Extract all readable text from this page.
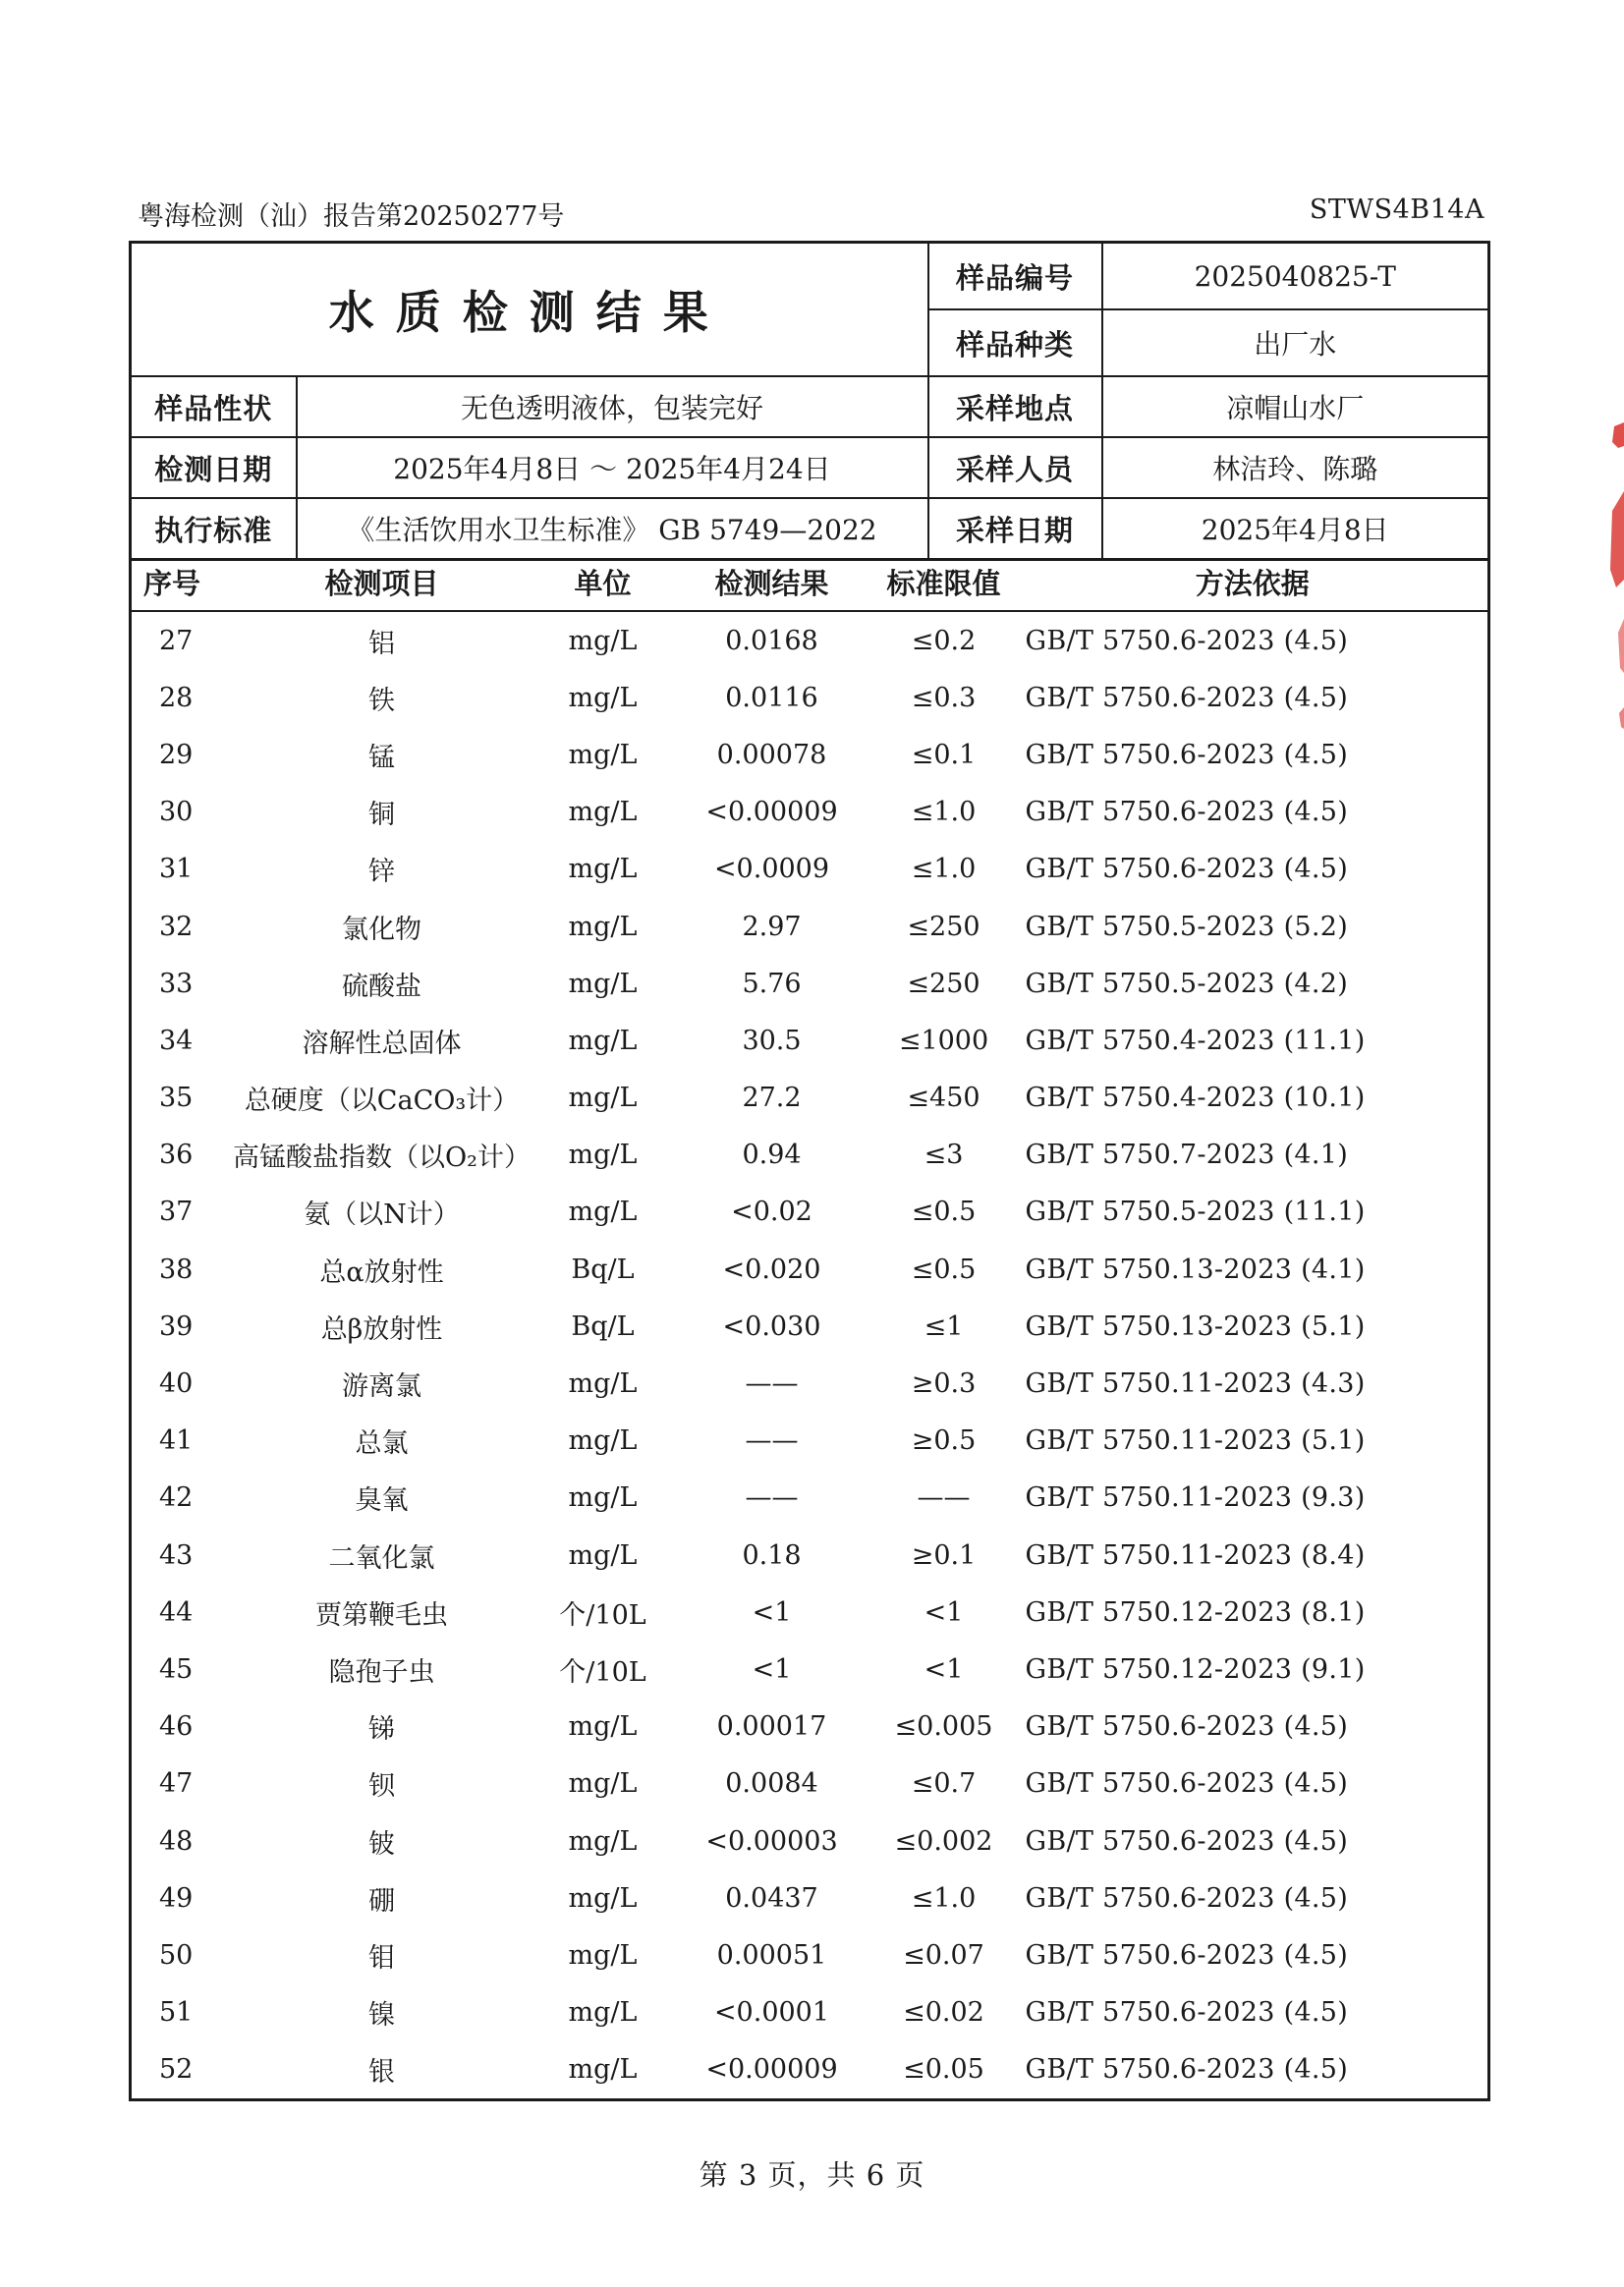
粤海检测（汕）报告第20250277号	STWS4B14A
水质检测结果		样品编号	2025040825-T
		样品种类	出厂水
样品性状	无色透明液体，包装完好	采样地点	凉帽山水厂
检测日期	2025年4月8日 ～ 2025年4月24日	采样人员	林洁玲、陈璐
执行标准	《生活饮用水卫生标准》 GB 5749—2022	采样日期	2025年4月8日
序号	检测项目	单位	检测结果	标准限值	方法依据
27	铝	mg/L	0.0168	≤0.2	GB/T 5750.6-2023 (4.5)
28	铁	mg/L	0.0116	≤0.3	GB/T 5750.6-2023 (4.5)
29	锰	mg/L	0.00078	≤0.1	GB/T 5750.6-2023 (4.5)
30	铜	mg/L	<0.00009	≤1.0	GB/T 5750.6-2023 (4.5)
31	锌	mg/L	<0.0009	≤1.0	GB/T 5750.6-2023 (4.5)
32	氯化物	mg/L	2.97	≤250	GB/T 5750.5-2023 (5.2)
33	硫酸盐	mg/L	5.76	≤250	GB/T 5750.5-2023 (4.2)
34	溶解性总固体	mg/L	30.5	≤1000	GB/T 5750.4-2023 (11.1)
35	总硬度（以CaCO₃计）	mg/L	27.2	≤450	GB/T 5750.4-2023 (10.1)
36	高锰酸盐指数（以O₂计）	mg/L	0.94	≤3	GB/T 5750.7-2023 (4.1)
37	氨（以N计）	mg/L	<0.02	≤0.5	GB/T 5750.5-2023 (11.1)
38	总α放射性	Bq/L	<0.020	≤0.5	GB/T 5750.13-2023 (4.1)
39	总β放射性	Bq/L	<0.030	≤1	GB/T 5750.13-2023 (5.1)
40	游离氯	mg/L	——	≥0.3	GB/T 5750.11-2023 (4.3)
41	总氯	mg/L	——	≥0.5	GB/T 5750.11-2023 (5.1)
42	臭氧	mg/L	——	——	GB/T 5750.11-2023 (9.3)
43	二氧化氯	mg/L	0.18	≥0.1	GB/T 5750.11-2023 (8.4)
44	贾第鞭毛虫	个/10L	<1	<1	GB/T 5750.12-2023 (8.1)
45	隐孢子虫	个/10L	<1	<1	GB/T 5750.12-2023 (9.1)
46	锑	mg/L	0.00017	≤0.005	GB/T 5750.6-2023 (4.5)
47	钡	mg/L	0.0084	≤0.7	GB/T 5750.6-2023 (4.5)
48	铍	mg/L	<0.00003	≤0.002	GB/T 5750.6-2023 (4.5)
49	硼	mg/L	0.0437	≤1.0	GB/T 5750.6-2023 (4.5)
50	钼	mg/L	0.00051	≤0.07	GB/T 5750.6-2023 (4.5)
51	镍	mg/L	<0.0001	≤0.02	GB/T 5750.6-2023 (4.5)
52	银	mg/L	<0.00009	≤0.05	GB/T 5750.6-2023 (4.5)
第 3 页，共 6 页
